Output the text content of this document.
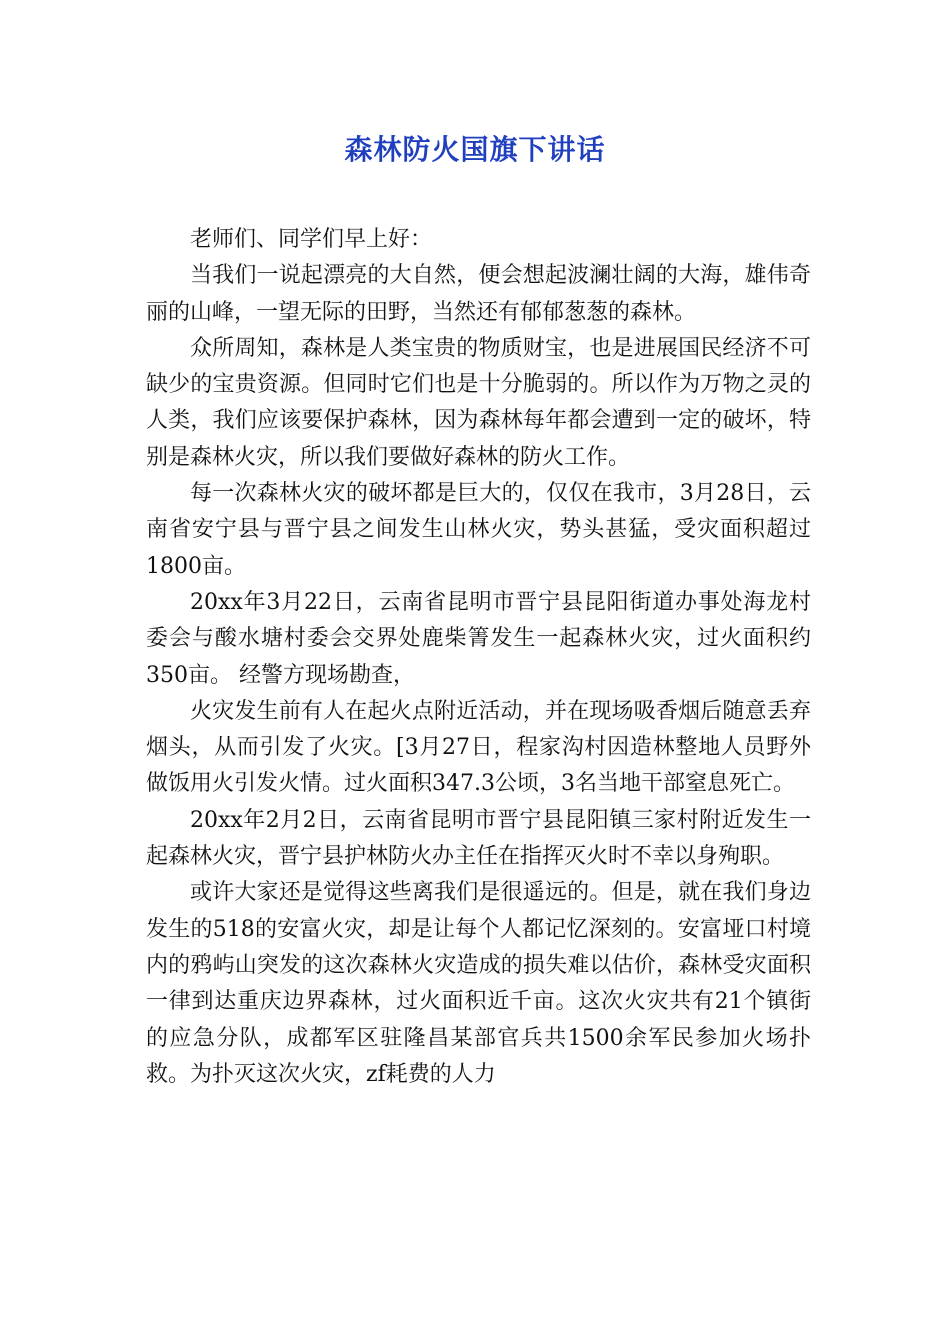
森林防火国旗下讲话

老师们、同学们早上好：

当我们一说起漂亮的大自然，便会想起波澜壮阔的大海，雄伟奇丽的山峰，一望无际的田野，当然还有郁郁葱葱的森林。

众所周知，森林是人类宝贵的物质财宝，也是进展国民经济不可缺少的宝贵资源。但同时它们也是十分脆弱的。所以作为万物之灵的人类，我们应该要保护森林，因为森林每年都会遭到一定的破坏，特别是森林火灾，所以我们要做好森林的防火工作。

每一次森林火灾的破坏都是巨大的，仅仅在我市，3月28日，云南省安宁县与晋宁县之间发生山林火灾，势头甚猛，受灾面积超过1800亩。

20xx年3月22日，云南省昆明市晋宁县昆阳街道办事处海龙村委会与酸水塘村委会交界处鹿柴箐发生一起森林火灾，过火面积约350亩。 经警方现场勘查，

火灾发生前有人在起火点附近活动，并在现场吸香烟后随意丢弃烟头，从而引发了火灾。[3月27日，程家沟村因造林整地人员野外做饭用火引发火情。过火面积347.3公顷，3名当地干部窒息死亡。

20xx年2月2日，云南省昆明市晋宁县昆阳镇三家村附近发生一起森林火灾，晋宁县护林防火办主任在指挥灭火时不幸以身殉职。

或许大家还是觉得这些离我们是很遥远的。但是，就在我们身边发生的518的安富火灾，却是让每个人都记忆深刻的。安富垭口村境内的鸦屿山突发的这次森林火灾造成的损失难以估价，森林受灾面积一律到达重庆边界森林，过火面积近千亩。这次火灾共有21个镇街的应急分队，成都军区驻隆昌某部官兵共1500余军民参加火场扑救。为扑灭这次火灾，zf耗费的人力
